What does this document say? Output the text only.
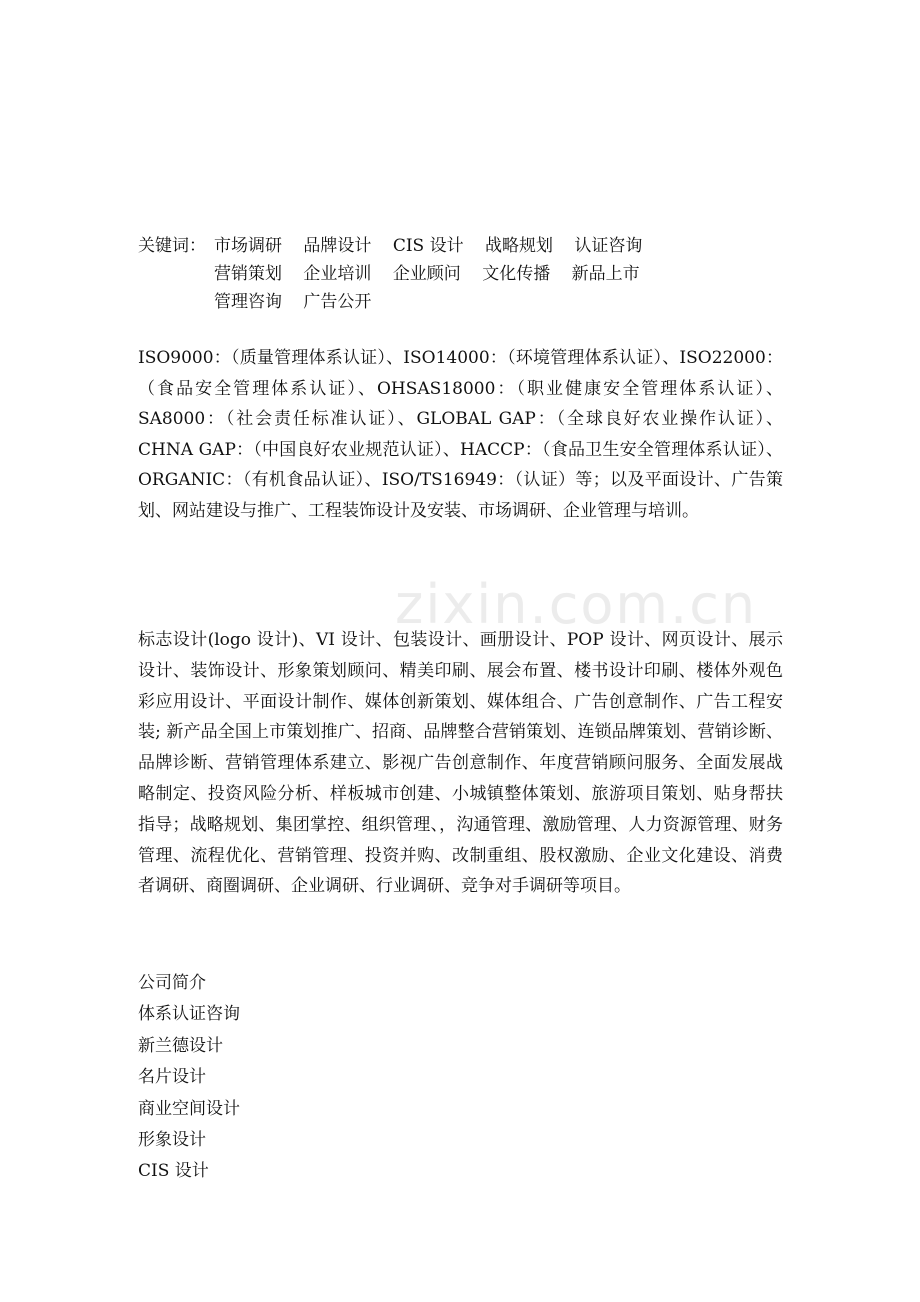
zixin.com.cn
关键词： 市场调研 品牌设计 CIS 设计 战略规划 认证咨询
营销策划 企业培训 企业顾问 文化传播 新品上市
管理咨询 广告公开
ISO9000：（质量管理体系认证）、ISO14000：（环境管理体系认证）、ISO22000：（食品安全管理体系认证）、OHSAS18000：（职业健康安全管理体系认证）、SA8000：（社会责任标准认证）、GLOBAL GAP：（全球良好农业操作认证）、CHNA GAP：（中国良好农业规范认证）、HACCP：（食品卫生安全管理体系认证）、ORGANIC：（有机食品认证）、ISO/TS16949：（认证）等；以及平面设计、广告策划、网站建设与推广、工程装饰设计及安装、市场调研、企业管理与培训。
标志设计(logo 设计)、VI 设计、包装设计、画册设计、POP 设计、网页设计、展示设计、装饰设计、形象策划顾问、精美印刷、展会布置、楼书设计印刷、楼体外观色彩应用设计、平面设计制作、媒体创新策划、媒体组合、广告创意制作、广告工程安装; 新产品全国上市策划推广、招商、品牌整合营销策划、连锁品牌策划、营销诊断、品牌诊断、营销管理体系建立、影视广告创意制作、年度营销顾问服务、全面发展战略制定、投资风险分析、样板城市创建、小城镇整体策划、旅游项目策划、贴身帮扶指导；战略规划、集团掌控、组织管理、，沟通管理、激励管理、人力资源管理、财务管理、流程优化、营销管理、投资并购、改制重组、股权激励、企业文化建设、消费者调研、商圈调研、企业调研、行业调研、竞争对手调研等项目。
公司简介
体系认证咨询
新兰德设计
名片设计
商业空间设计
形象设计
CIS 设计
